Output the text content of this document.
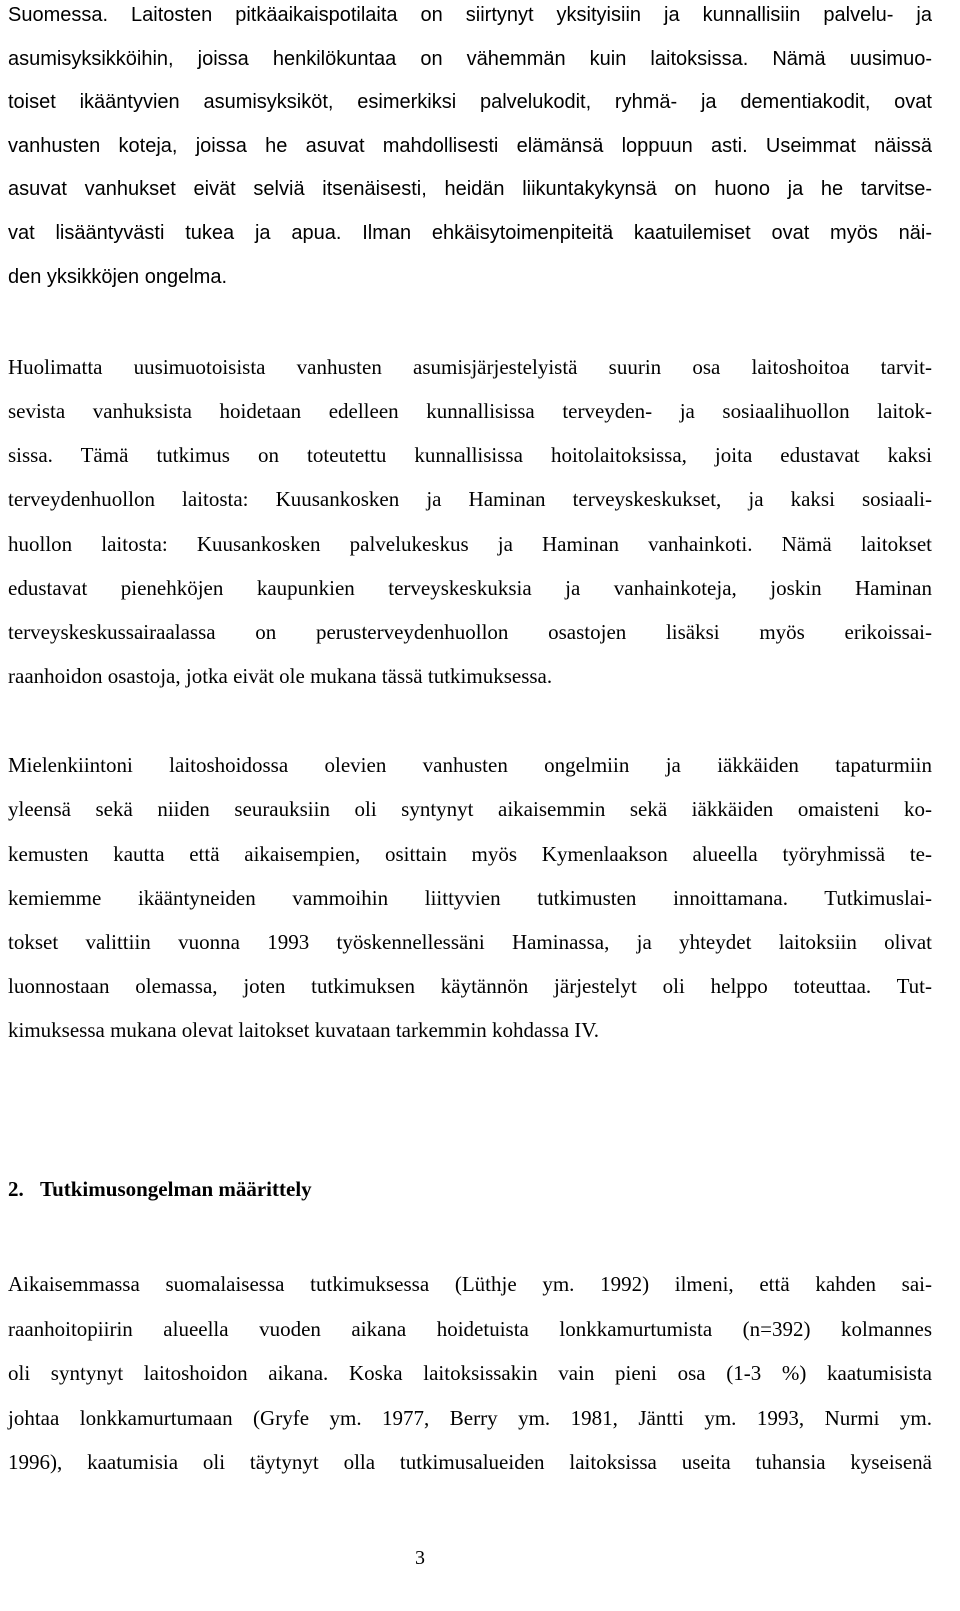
Suomessa. Laitosten pitkäaikaispotilaita on siirtynyt yksityisiin ja kunnallisiin palvelu- ja
asumisyksikköihin, joissa henkilökuntaa on vähemmän kuin laitoksissa. Nämä uusimuo-
toiset ikääntyvien asumisyksiköt, esimerkiksi palvelukodit, ryhmä- ja dementiakodit, ovat
vanhusten koteja, joissa he asuvat mahdollisesti elämänsä loppuun asti. Useimmat näissä
asuvat vanhukset eivät selviä itsenäisesti, heidän liikuntakykynsä on huono ja he tarvitse-
vat lisääntyvästi tukea ja apua. Ilman ehkäisytoimenpiteitä kaatuilemiset ovat myös näi-
den yksikköjen ongelma.
Huolimatta uusimuotoisista vanhusten asumisjärjestelyistä suurin osa laitoshoitoa tarvit-
sevista vanhuksista hoidetaan edelleen kunnallisissa terveyden- ja sosiaalihuollon laitok-
sissa. Tämä tutkimus on toteutettu kunnallisissa hoitolaitoksissa, joita edustavat kaksi
terveydenhuollon laitosta: Kuusankosken ja Haminan terveyskeskukset, ja kaksi sosiaali-
huollon laitosta: Kuusankosken palvelukeskus ja Haminan vanhainkoti. Nämä laitokset
edustavat pienehköjen kaupunkien terveyskeskuksia ja vanhainkoteja, joskin Haminan
terveyskeskussairaalassa on perusterveydenhuollon osastojen lisäksi myös erikoissai-
raanhoidon osastoja, jotka eivät ole mukana tässä tutkimuksessa.
Mielenkiintoni laitoshoidossa olevien vanhusten ongelmiin ja iäkkäiden tapaturmiin
yleensä sekä niiden seurauksiin oli syntynyt aikaisemmin sekä iäkkäiden omaisteni ko-
kemusten kautta että aikaisempien, osittain myös Kymenlaakson alueella työryhmissä te-
kemiemme ikääntyneiden vammoihin liittyvien tutkimusten innoittamana. Tutkimuslai-
tokset valittiin vuonna 1993 työskennellessäni Haminassa, ja yhteydet laitoksiin olivat
luonnostaan olemassa, joten tutkimuksen käytännön järjestelyt oli helppo toteuttaa. Tut-
kimuksessa mukana olevat laitokset kuvataan tarkemmin kohdassa IV.
2. Tutkimusongelman määrittely
Aikaisemmassa suomalaisessa tutkimuksessa (Lüthje ym. 1992) ilmeni, että kahden sai-
raanhoitopiirin alueella vuoden aikana hoidetuista lonkkamurtumista (n=392) kolmannes
oli syntynyt laitoshoidon aikana. Koska laitoksissakin vain pieni osa (1-3 %) kaatumisista
johtaa lonkkamurtumaan (Gryfe ym. 1977, Berry ym. 1981, Jäntti ym. 1993, Nurmi ym.
1996), kaatumisia oli täytynyt olla tutkimusalueiden laitoksissa useita tuhansia kyseisenä
3
